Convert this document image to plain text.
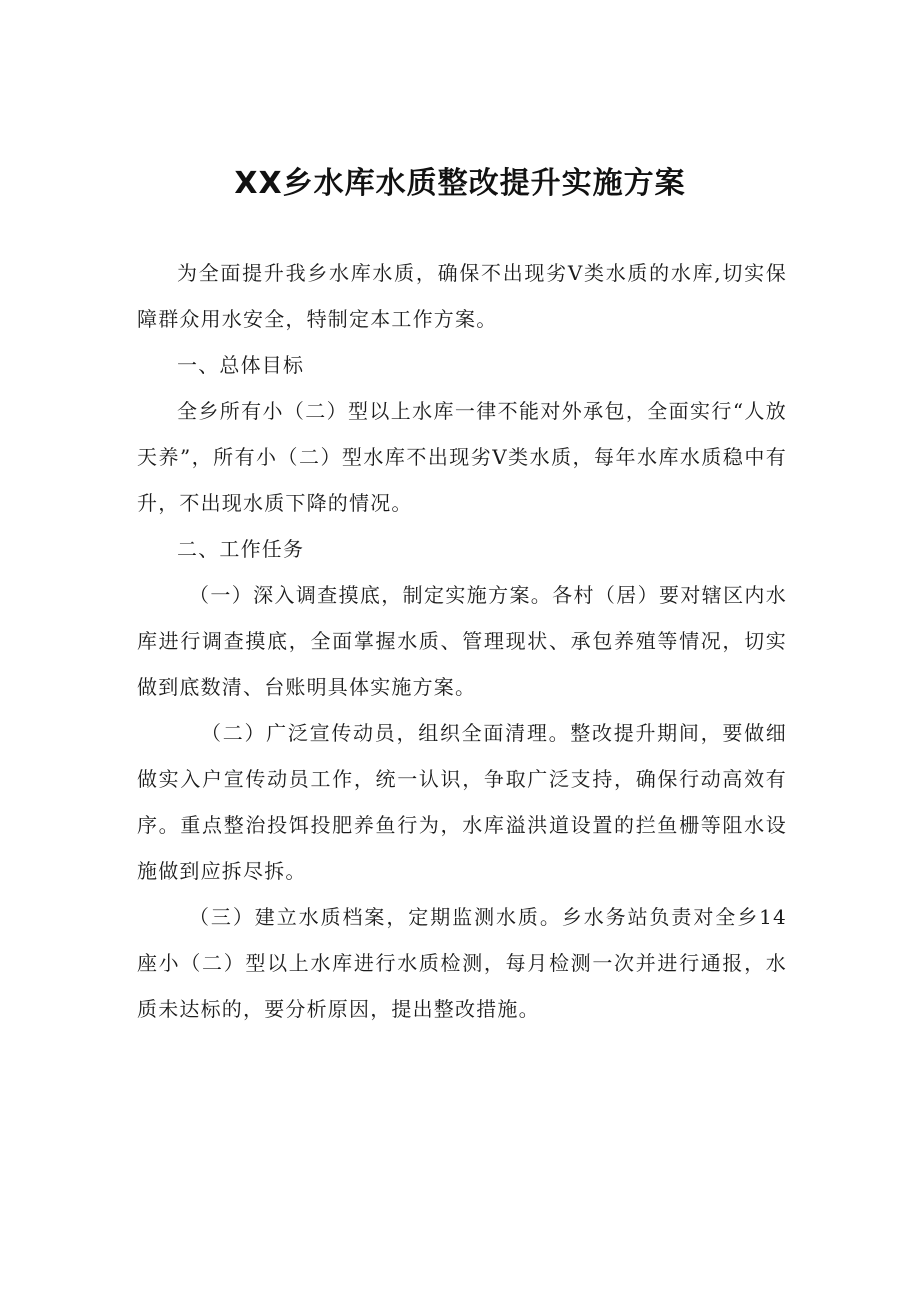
XX乡水库水质整改提升实施方案

为全面提升我乡水库水质，确保不出现劣Ⅴ类水质的水库,切实保障群众用水安全，特制定本工作方案。

一、总体目标

全乡所有小（二）型以上水库一律不能对外承包，全面实行“人放天养”，所有小（二）型水库不出现劣Ⅴ类水质，每年水库水质稳中有升，不出现水质下降的情况。

二、工作任务

（一）深入调查摸底，制定实施方案。各村（居）要对辖区内水库进行调查摸底，全面掌握水质、管理现状、承包养殖等情况，切实做到底数清、台账明具体实施方案。

（二）广泛宣传动员，组织全面清理。整改提升期间，要做细做实入户宣传动员工作，统一认识，争取广泛支持，确保行动高效有序。重点整治投饵投肥养鱼行为，水库溢洪道设置的拦鱼栅等阻水设施做到应拆尽拆。

（三）建立水质档案，定期监测水质。乡水务站负责对全乡14座小（二）型以上水库进行水质检测，每月检测一次并进行通报，水质未达标的，要分析原因，提出整改措施。
